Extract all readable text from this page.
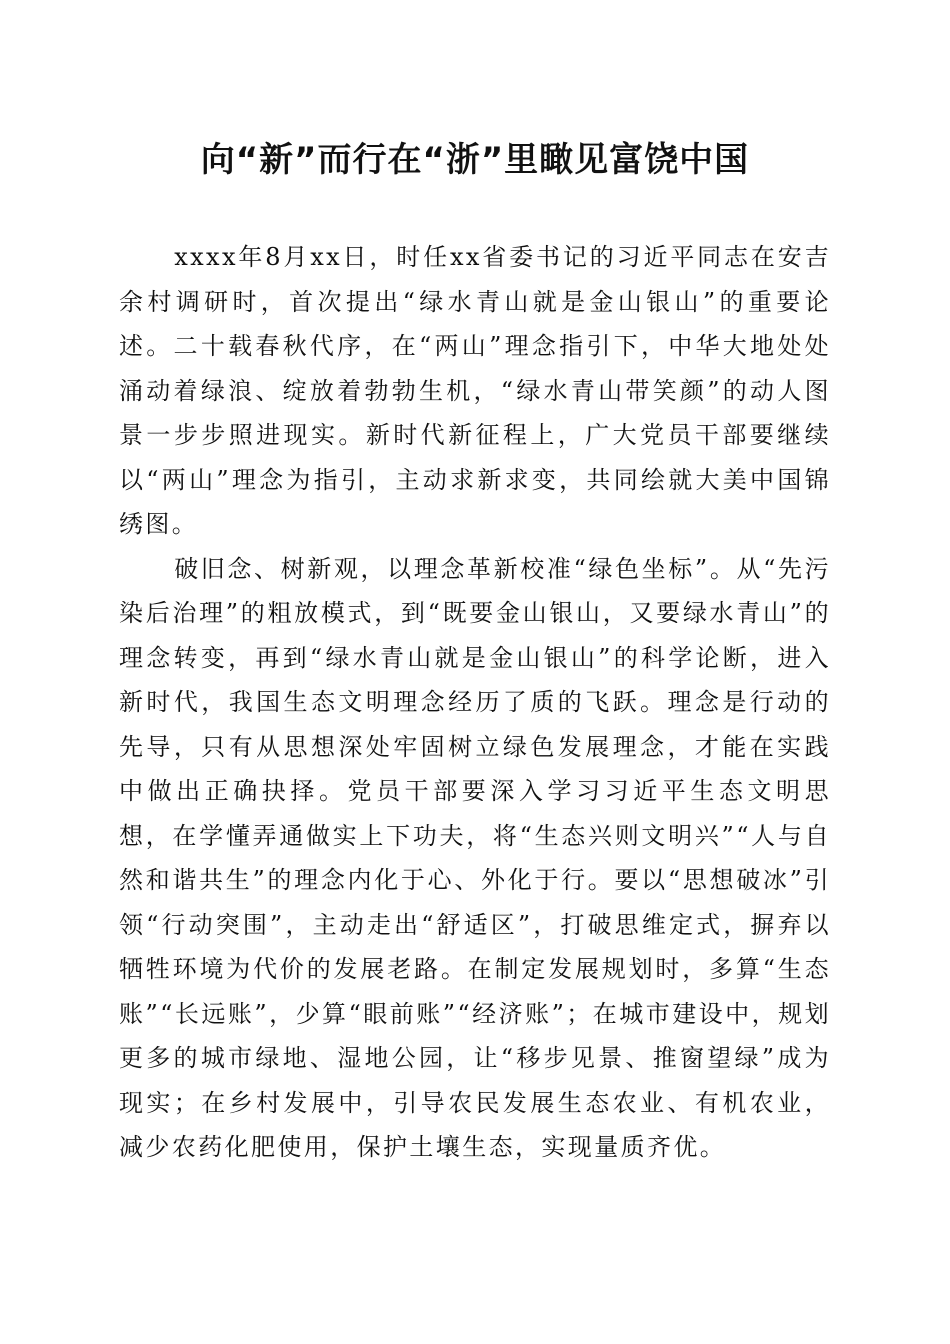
向“新”而行在“浙”里瞰见富饶中国

xxxx年8月xx日，时任xx省委书记的习近平同志在安吉余村调研时，首次提出“绿水青山就是金山银山”的重要论述。二十载春秋代序，在“两山”理念指引下，中华大地处处涌动着绿浪、绽放着勃勃生机，“绿水青山带笑颜”的动人图景一步步照进现实。新时代新征程上，广大党员干部要继续以“两山”理念为指引，主动求新求变，共同绘就大美中国锦绣图。

破旧念、树新观，以理念革新校准“绿色坐标”。从“先污染后治理”的粗放模式，到“既要金山银山，又要绿水青山”的理念转变，再到“绿水青山就是金山银山”的科学论断，进入新时代，我国生态文明理念经历了质的飞跃。理念是行动的先导，只有从思想深处牢固树立绿色发展理念，才能在实践中做出正确抉择。党员干部要深入学习习近平生态文明思想，在学懂弄通做实上下功夫，将“生态兴则文明兴”“人与自然和谐共生”的理念内化于心、外化于行。要以“思想破冰”引领“行动突围”，主动走出“舒适区”，打破思维定式，摒弃以牺牲环境为代价的发展老路。在制定发展规划时，多算“生态账”“长远账”，少算“眼前账”“经济账”；在城市建设中，规划更多的城市绿地、湿地公园，让“移步见景、推窗望绿”成为现实；在乡村发展中，引导农民发展生态农业、有机农业，减少农药化肥使用，保护土壤生态，实现量质齐优。
